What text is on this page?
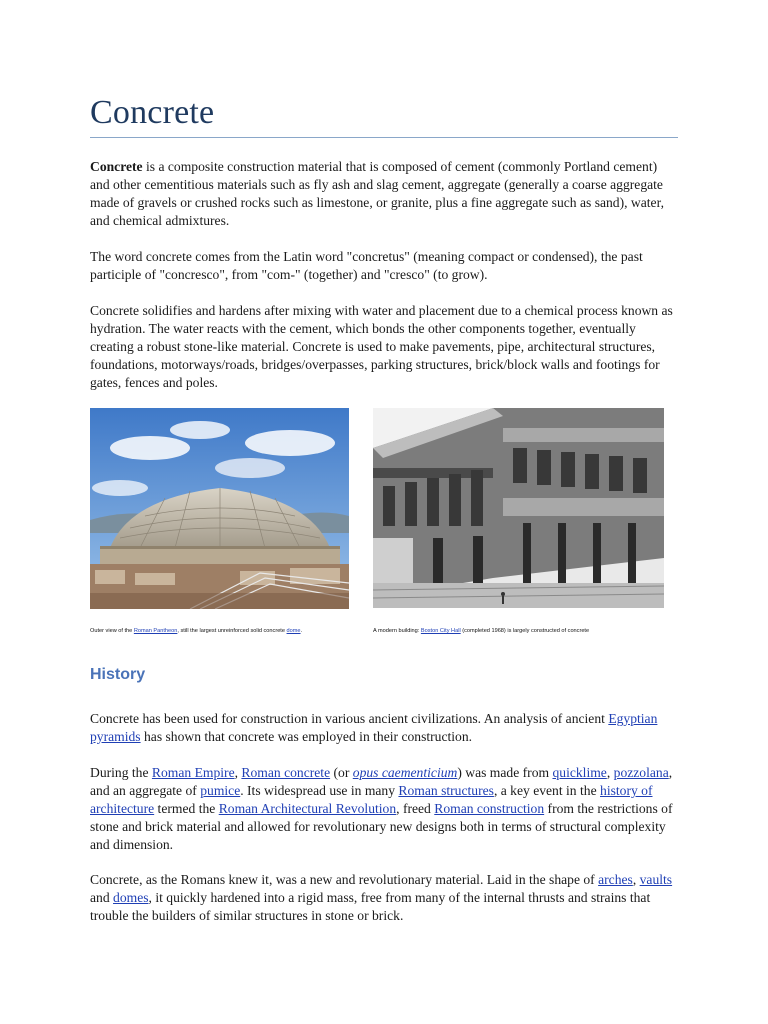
Concrete

Concrete is a composite construction material that is composed of cement (commonly Portland cement) and other cementitious materials such as fly ash and slag cement, aggregate (generally a coarse aggregate made of gravels or crushed rocks such as limestone, or granite, plus a fine aggregate such as sand), water, and chemical admixtures.

The word concrete comes from the Latin word "concretus" (meaning compact or condensed), the past participle of "concresco", from "com-" (together) and "cresco" (to grow).

Concrete solidifies and hardens after mixing with water and placement due to a chemical process known as hydration. The water reacts with the cement, which bonds the other components together, eventually creating a robust stone-like material. Concrete is used to make pavements, pipe, architectural structures, foundations, motorways/roads, bridges/overpasses, parking structures, brick/block walls and footings for gates, fences and poles.

Outer view of the Roman Pantheon, still the largest unreinforced solid concrete dome.	A modern building: Boston City Hall (completed 1968) is largely constructed of concrete

History

Concrete has been used for construction in various ancient civilizations. An analysis of ancient Egyptian pyramids has shown that concrete was employed in their construction.

During the Roman Empire, Roman concrete (or opus caementicium) was made from quicklime, pozzolana, and an aggregate of pumice. Its widespread use in many Roman structures, a key event in the history of architecture termed the Roman Architectural Revolution, freed Roman construction from the restrictions of stone and brick material and allowed for revolutionary new designs both in terms of structural complexity and dimension.

Concrete, as the Romans knew it, was a new and revolutionary material. Laid in the shape of arches, vaults and domes, it quickly hardened into a rigid mass, free from many of the internal thrusts and strains that trouble the builders of similar structures in stone or brick.
